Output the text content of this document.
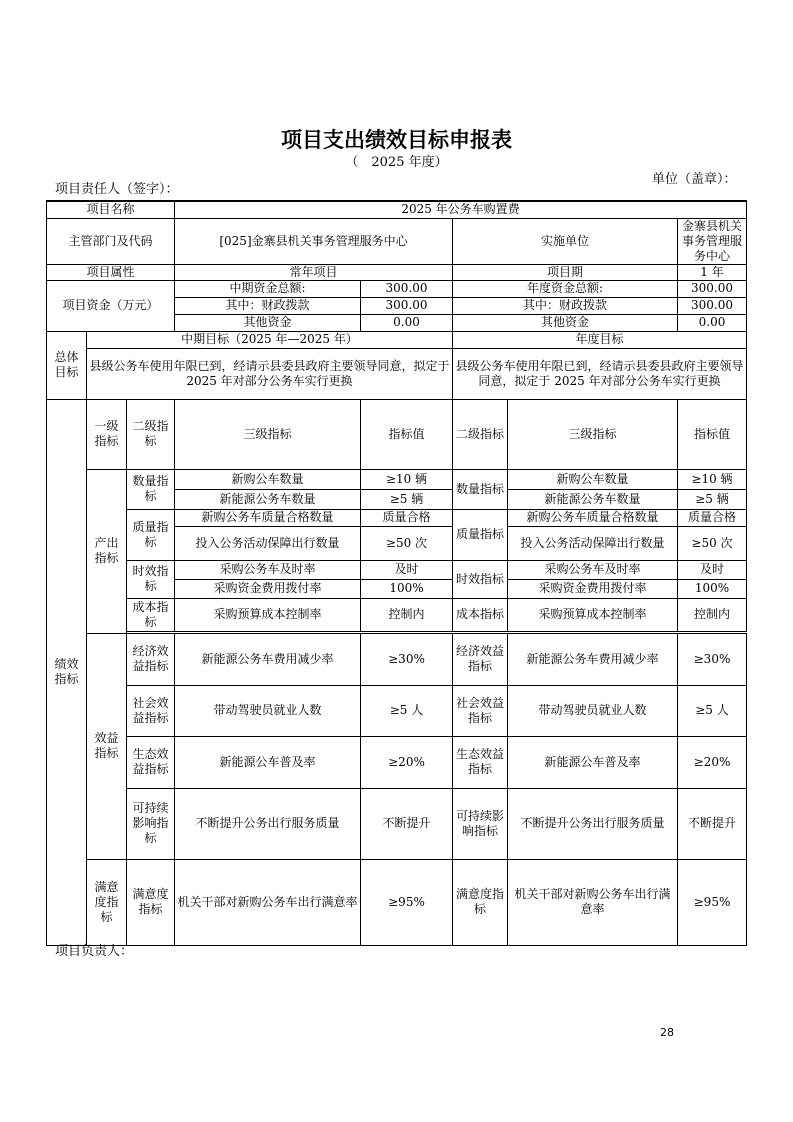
项目支出绩效目标申报表
（　2025 年度）
单位（盖章）：
项目责任人（签字）：
项目名称			2025 年公务车购置费				
主管部门及代码			[025]金寨县机关事务管理服务中心		实施单位		金寨县机关事务管理服务中心
项目属性			常年项目		项目期		1 年
项目资金（万元）			中期资金总额:	300.00	年度资金总额:		300.00
			其中：财政拨款	300.00	其中：财政拨款		300.00
			其他资金	0.00	其他资金		0.00
总体目标	中期目标（2025 年—2025 年）				年度目标		
	县级公务车使用年限已到，经请示县委县政府主要领导同意，拟定于 2025 年对部分公务车实行更换				县级公务车使用年限已到，经请示县委县政府主要领导同意，拟定于 2025 年对部分公务车实行更换		
绩效指标	一级指标	二级指标	三级指标	指标值	二级指标	三级指标	指标值
	产出指标	数量指标	新购公车数量	≥10 辆	数量指标	新购公车数量	≥10 辆
			新能源公务车数量	≥5 辆		新能源公务车数量	≥5 辆
		质量指标	新购公务车质量合格数量	质量合格	质量指标	新购公务车质量合格数量	质量合格
			投入公务活动保障出行数量	≥50 次		投入公务活动保障出行数量	≥50 次
		时效指标	采购公务车及时率	及时	时效指标	采购公务车及时率	及时
			采购资金费用拨付率	100%		采购资金费用拨付率	100%
		成本指标	采购预算成本控制率	控制内	成本指标	采购预算成本控制率	控制内

	效益指标	经济效益指标	新能源公务车费用减少率	≥30%	经济效益指标	新能源公务车费用减少率	≥30%
		社会效益指标	带动驾驶员就业人数	≥5 人	社会效益指标	带动驾驶员就业人数	≥5 人
		生态效益指标	新能源公车普及率	≥20%	生态效益指标	新能源公车普及率	≥20%
		可持续影响指标	不断提升公务出行服务质量	不断提升	可持续影响指标	不断提升公务出行服务质量	不断提升
	满意度指标	满意度指标	机关干部对新购公务车出行满意率	≥95%	满意度指标	机关干部对新购公务车出行满意率	≥95%
项目负责人：
28
